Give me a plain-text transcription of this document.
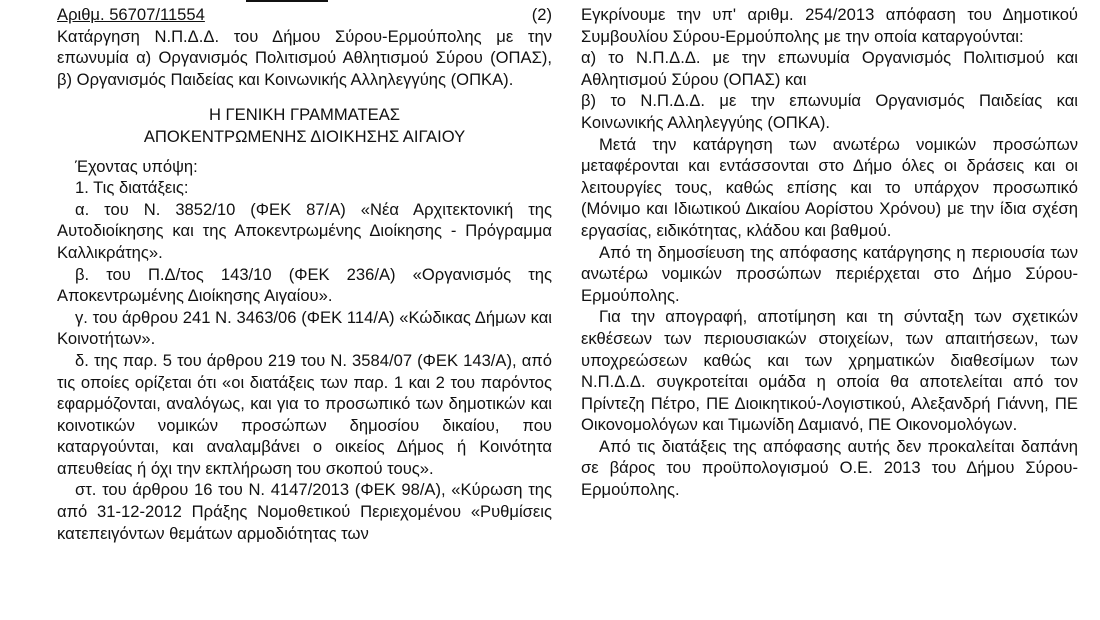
Αριθμ. 56707/11554	(2)

Κατάργηση Ν.Π.Δ.Δ. του Δήμου Σύρου-Ερμούπολης με την επωνυμία α) Οργανισμός Πολιτισμού Αθλητισμού Σύρου (ΟΠΑΣ), β) Οργανισμός Παιδείας και Κοινωνικής Αλληλεγγύης (ΟΠΚΑ).

Η ΓΕΝΙΚΗ ΓΡΑΜΜΑΤΕΑΣ

ΑΠΟΚΕΝΤΡΩΜΕΝΗΣ ΔΙΟΙΚΗΣΗΣ ΑΙΓΑΙΟΥ

Έχοντας υπόψη:

1. Τις διατάξεις:

α. του Ν. 3852/10 (ΦΕΚ 87/Α) «Νέα Αρχιτεκτονική της Αυτοδιοίκησης και της Αποκεντρωμένης Διοίκησης - Πρόγραμμα Καλλικράτης».

β. του Π.Δ/τος 143/10 (ΦΕΚ 236/Α) «Οργανισμός της Αποκεντρωμένης Διοίκησης Αιγαίου».

γ. του άρθρου 241 Ν. 3463/06 (ΦΕΚ 114/Α) «Κώδικας Δήμων και Κοινοτήτων».

δ. της παρ. 5 του άρθρου 219 του Ν. 3584/07 (ΦΕΚ 143/Α), από τις οποίες ορίζεται ότι «οι διατάξεις των παρ. 1 και 2 του παρόντος εφαρμόζονται, αναλόγως, και για το προσωπικό των δημοτικών και κοινοτικών νομικών προσώπων δημοσίου δικαίου, που καταργούνται, και αναλαμβάνει ο οικείος Δήμος ή Κοινότητα απευθείας ή όχι την εκπλήρωση του σκοπού τους».

στ. του άρθρου 16 του Ν. 4147/2013 (ΦΕΚ 98/Α), «Κύρωση της από 31-12-2012 Πράξης Νομοθετικού Περιεχομένου «Ρυθμίσεις κατεπειγόντων θεμάτων αρμοδιότητας των

Εγκρίνουμε την υπ' αριθμ. 254/2013 απόφαση του Δημοτικού Συμβουλίου Σύρου-Ερμούπολης με την οποία καταργούνται:

α) το Ν.Π.Δ.Δ. με την επωνυμία Οργανισμός Πολιτισμού και Αθλητισμού Σύρου (ΟΠΑΣ) και

β) το Ν.Π.Δ.Δ. με την επωνυμία Οργανισμός Παιδείας και Κοινωνικής Αλληλεγγύης (ΟΠΚΑ).

Μετά την κατάργηση των ανωτέρω νομικών προσώπων μεταφέρονται και εντάσσονται στο Δήμο όλες οι δράσεις και οι λειτουργίες τους, καθώς επίσης και το υπάρχον προσωπικό (Μόνιμο και Ιδιωτικού Δικαίου Αορίστου Χρόνου) με την ίδια σχέση εργασίας, ειδικότητας, κλάδου και βαθμού.

Από τη δημοσίευση της απόφασης κατάργησης η περιουσία των ανωτέρω νομικών προσώπων περιέρχεται στο Δήμο Σύρου-Ερμούπολης.

Για την απογραφή, αποτίμηση και τη σύνταξη των σχετικών εκθέσεων των περιουσιακών στοιχείων, των απαιτήσεων, των υποχρεώσεων καθώς και των χρηματικών διαθεσίμων των Ν.Π.Δ.Δ. συγκροτείται ομάδα η οποία θα αποτελείται από τον Πρίντεζη Πέτρο, ΠΕ Διοικητικού-Λογιστικού, Αλεξανδρή Γιάννη, ΠΕ Οικονομολόγων και Τιμωνίδη Δαμιανό, ΠΕ Οικονομολόγων.

Από τις διατάξεις της απόφασης αυτής δεν προκαλείται δαπάνη σε βάρος του προϋπολογισμού Ο.Ε. 2013 του Δήμου Σύρου-Ερμούπολης.
